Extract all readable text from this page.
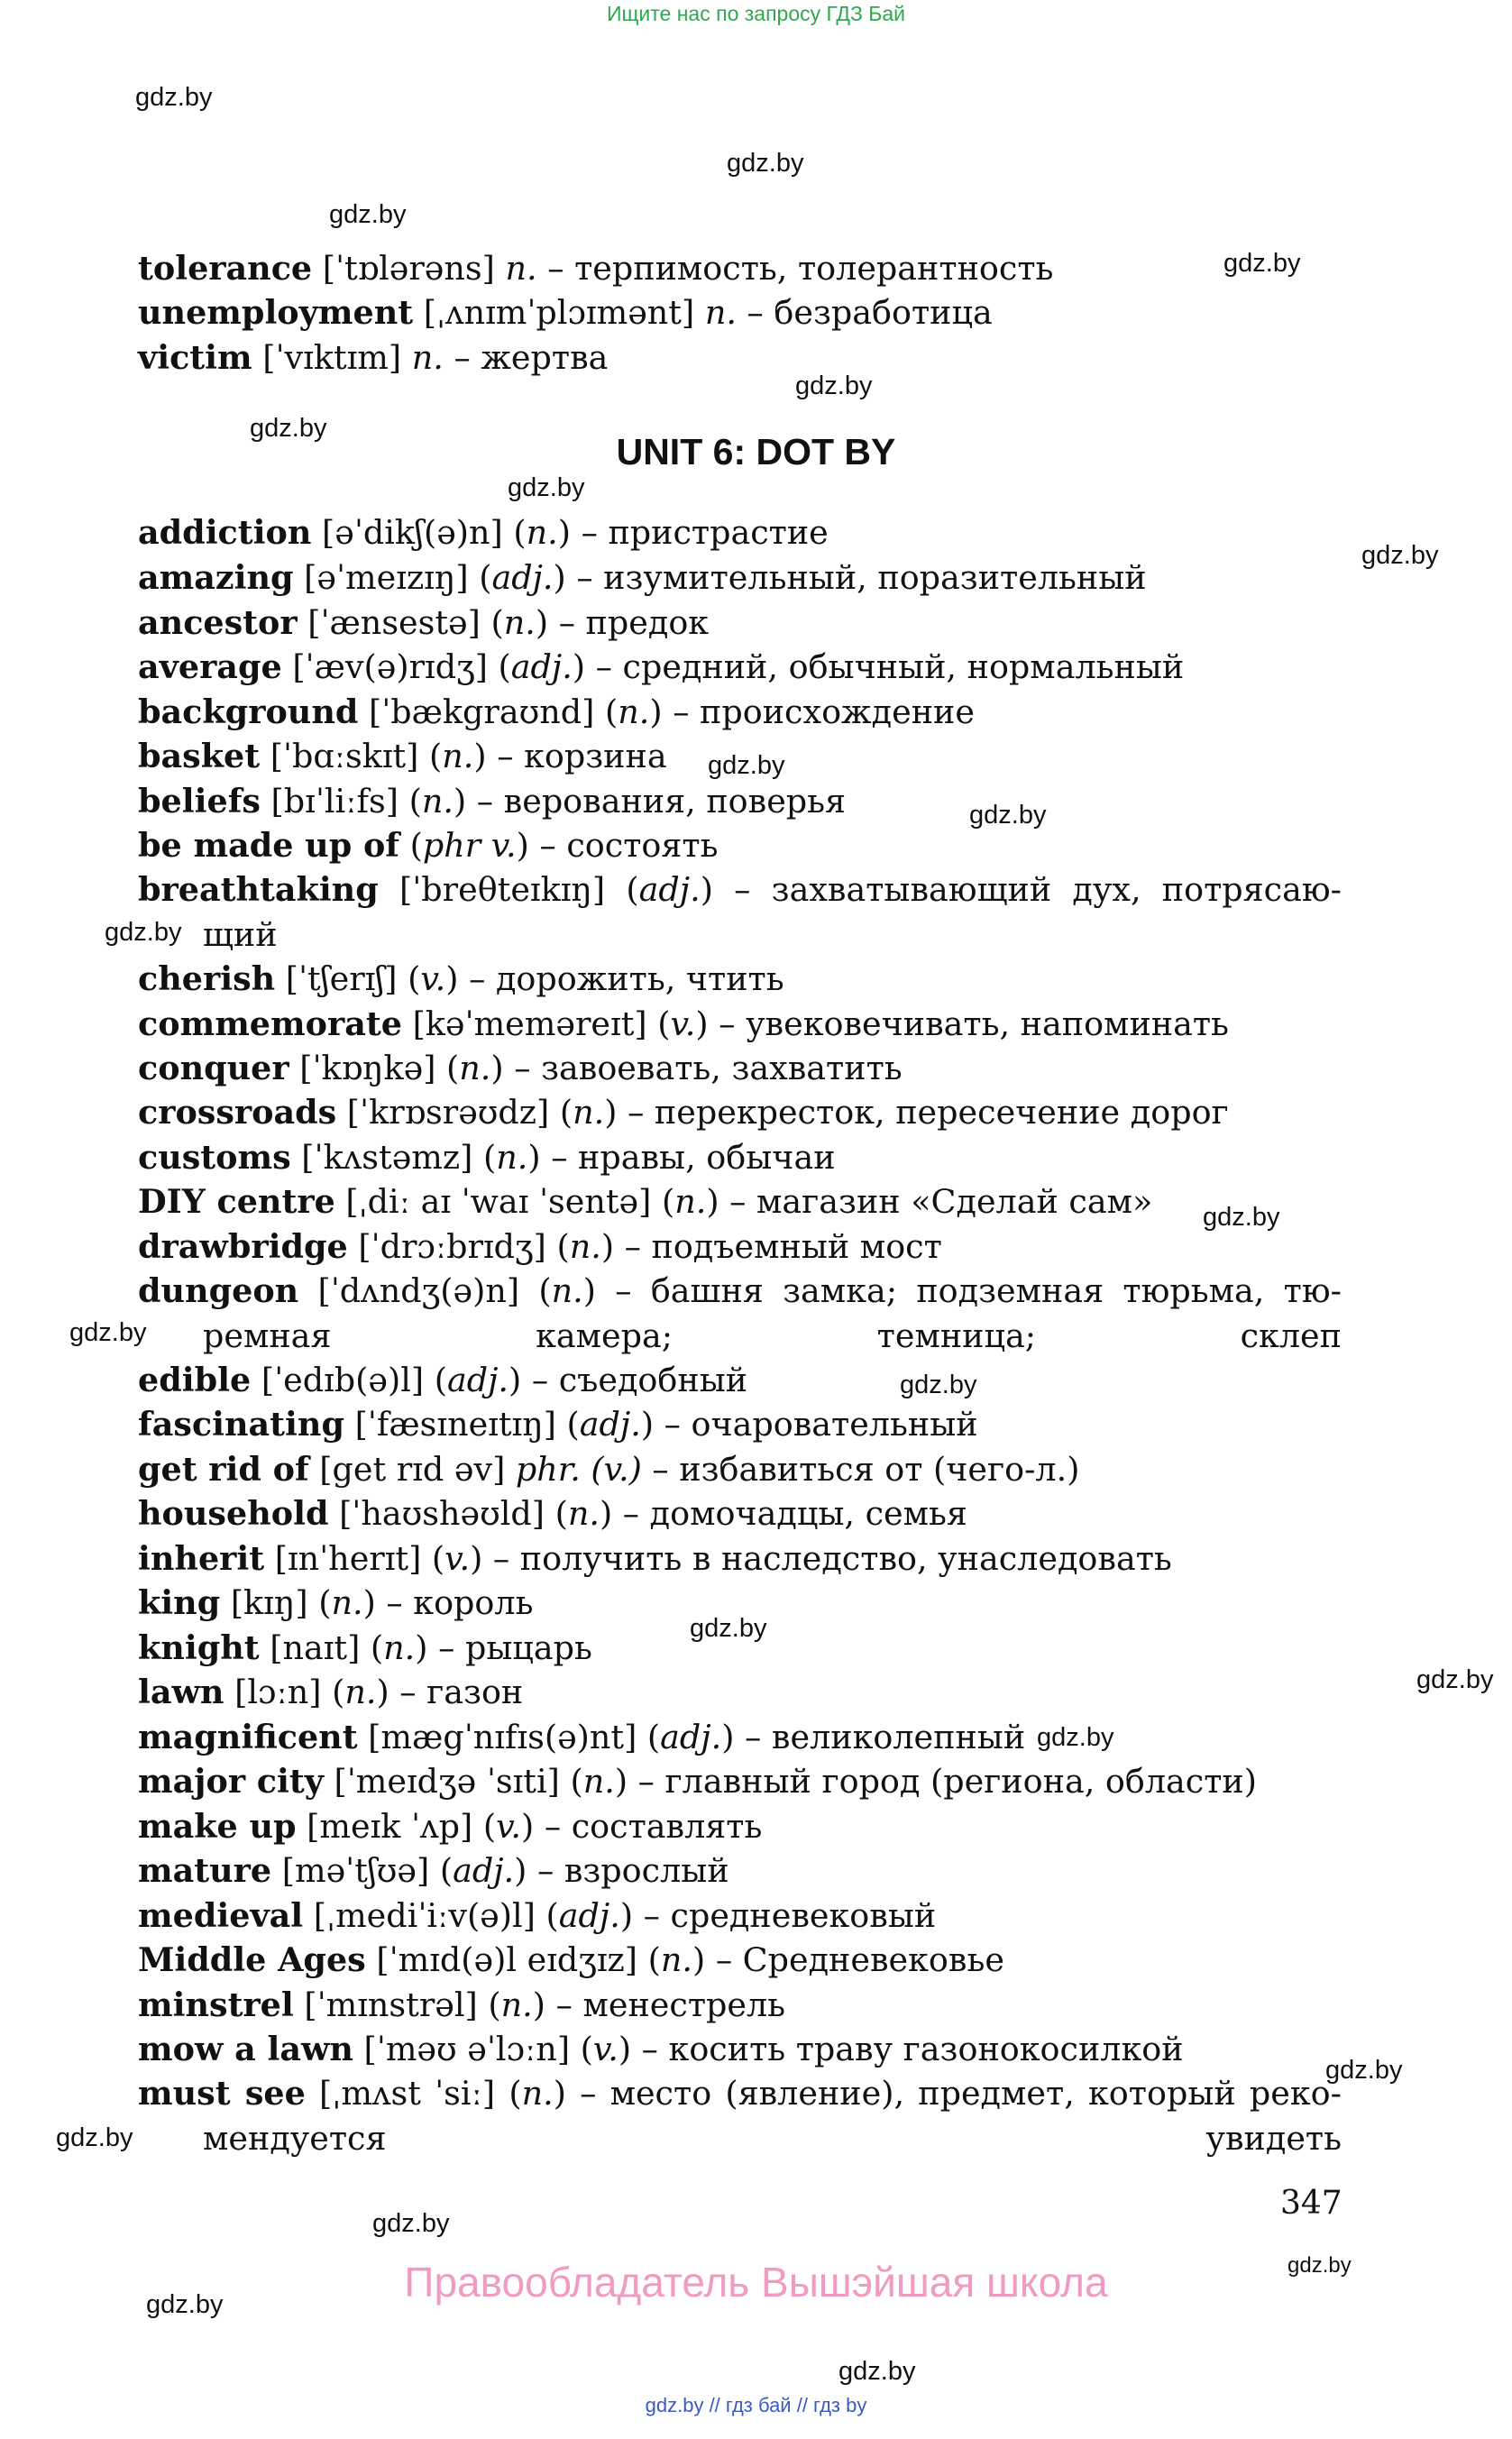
Ищите нас по запросу ГДЗ Бай
gdz.by
gdz.by
gdz.by
gdz.by
gdz.by
gdz.by
gdz.by
gdz.by
gdz.by
gdz.by
gdz.by
gdz.by
gdz.by
gdz.by
gdz.by
gdz.by
gdz.by
gdz.by
gdz.by
gdz.by
gdz.by
gdz.by
gdz.by
tolerance [ˈtɒlərəns] n. – терпимость, толерантность
unemployment [ˌʌnɪmˈplɔɪmənt] n. – безработица
victim [ˈvɪktɪm] n. – жертва
UNIT 6: DOT BY
addiction [əˈdikʃ(ə)n] (n.) – пристрастие
amazing [əˈmeɪzɪŋ] (adj.) – изумительный, поразительный
ancestor [ˈænsestə] (n.) – предок
average [ˈæv(ə)rɪdʒ] (adj.) – средний, обычный, нормальный
background [ˈbækgraʊnd] (n.) – происхождение
basket [ˈbɑːskɪt] (n.) – корзина
beliefs [bɪˈliːfs] (n.) – верования, поверья
be made up of (phr v.) – состоять
breathtaking [ˈbreθteɪkɪŋ] (adj.) – захватывающий дух, потрясаю-
щий
cherish [ˈtʃerɪʃ] (v.) – дорожить, чтить
commemorate [kəˈmeməreɪt] (v.) – увековечивать, напоминать
conquer [ˈkɒŋkə] (n.) – завоевать, захватить
crossroads [ˈkrɒsrəʊdz] (n.) – перекресток, пересечение дорог
customs [ˈkʌstəmz] (n.) – нравы, обычаи
DIY centre [ˌdiː aɪ ˈwaɪ ˈsentə] (n.) – магазин «Сделай сам»
drawbridge [ˈdrɔːbrɪdʒ] (n.) – подъемный мост
dungeon [ˈdʌndʒ(ə)n] (n.) – башня замка; подземная тюрьма, тю-
ремная камера; темница; склеп
edible [ˈedɪb(ə)l] (adj.) – съедобный
fascinating [ˈfæsɪneɪtɪŋ] (adj.) – очаровательный
get rid of [get rɪd əv] phr. (v.) – избавиться от (чего-л.)
household [ˈhaʊshəʊld] (n.) – домочадцы, семья
inherit [ɪnˈherɪt] (v.) – получить в наследство, унаследовать
king [kɪŋ] (n.) – король
knight [naɪt] (n.) – рыцарь
lawn [lɔːn] (n.) – газон
magnificent [mægˈnɪfɪs(ə)nt] (adj.) – великолепный
major city [ˈmeɪdʒə ˈsɪti] (n.) – главный город (региона, области)
make up [meɪk ˈʌp] (v.) – составлять
mature [məˈtʃʊə] (adj.) – взрослый
medieval [ˌmediˈiːv(ə)l] (adj.) – средневековый
Middle Ages [ˈmɪd(ə)l eɪdʒɪz] (n.) – Средневековье
minstrel [ˈmɪnstrəl] (n.) – менестрель
mow a lawn [ˈməʊ əˈlɔːn] (v.) – косить траву газонокосилкой
must see [ˌmʌst ˈsiː] (n.) – место (явление), предмет, который реко-
мендуется увидеть
347
Правообладатель Вышэйшая школа
gdz.by // гдз бай // гдз by
